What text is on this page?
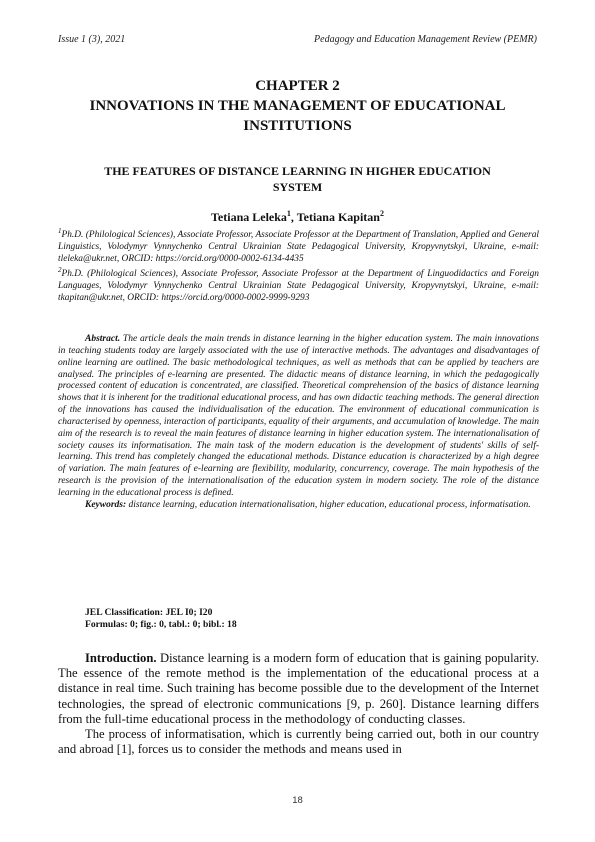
Issue 1 (3), 2021	Pedagogy and Education Management Review (PEMR)
CHAPTER 2
INNOVATIONS IN THE MANAGEMENT OF EDUCATIONAL
INSTITUTIONS
THE FEATURES OF DISTANCE LEARNING IN HIGHER EDUCATION
SYSTEM
Tetiana Leleka$^1$, Tetiana Kapitan$^2$

$^1$Ph.D. (Philological Sciences), Associate Professor, Associate Professor at the Department of Translation, Applied and General Linguistics, Volodymyr Vynnychenko Central Ukrainian State Pedagogical University, Kropyvnytskyi, Ukraine, e-mail: tleleka@ukr.net, ORCID: https://orcid.org/0000-0002-6134-4435

$^2$Ph.D. (Philological Sciences), Associate Professor, Associate Professor at the Department of Linguodidactics and Foreign Languages, Volodymyr Vynnychenko Central Ukrainian State Pedagogical University, Kropyvnytskyi, Ukraine, e-mail: tkapitan@ukr.net, ORCID: https://orcid.org/0000-0002-9999-9293

Abstract. The article deals the main trends in distance learning in the higher education system. The main innovations in teaching students today are largely associated with the use of interactive methods. The advantages and disadvantages of online learning are outlined. The basic methodological techniques, as well as methods that can be applied by teachers are analysed. The principles of e-learning are presented. The didactic means of distance learning, in which the pedagogically processed content of education is concentrated, are classified. Theoretical comprehension of the basics of distance learning shows that it is inherent for the traditional educational process, and has own didactic teaching methods. The general direction of the innovations has caused the individualisation of the education. The environment of educational communication is characterised by openness, interaction of participants, equality of their arguments, and accumulation of knowledge. The main aim of the research is to reveal the main features of distance learning in higher education system. The internationalisation of society causes its informatisation. The main task of the modern education is the development of students' skills of self-learning. This trend has completely changed the educational methods. Distance education is characterized by a high degree of variation. The main features of e-learning are flexibility, modularity, concurrency, coverage. The main hypothesis of the research is the provision of the internationalisation of the education system in modern society. The role of the distance learning in the educational process is defined.

Keywords: distance learning, education internationalisation, higher education, educational process, informatisation.

JEL Classification: JEL I0; I20
Formulas: 0; fig.: 0, tabl.: 0; bibl.: 18

Introduction. Distance learning is a modern form of education that is gaining popularity. The essence of the remote method is the implementation of the educational process at a distance in real time. Such training has become possible due to the development of the Internet technologies, the spread of electronic communications [9, p. 260]. Distance learning differs from the full-time educational process in the methodology of conducting classes.

The process of informatisation, which is currently being carried out, both in our country and abroad [1], forces us to consider the methods and means used in

18
